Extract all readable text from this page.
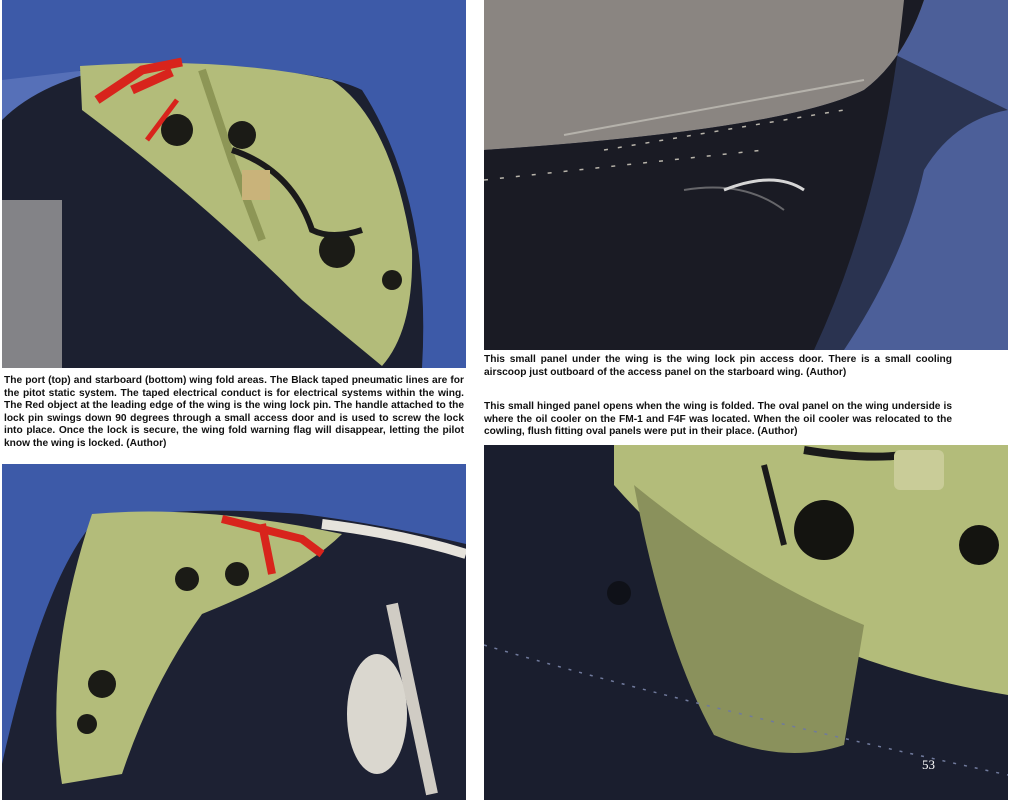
The port (top) and starboard (bottom) wing fold areas. The Black taped pneumatic lines are for the pitot static system. The taped electrical conduct is for electrical systems within the wing. The Red object at the leading edge of the wing is the wing lock pin. The handle attached to the lock pin swings down 90 degrees through a small access door and is used to screw the lock into place. Once the lock is secure, the wing fold warning flag will disappear, letting the pilot know the wing is locked. (Author)
This small panel under the wing is the wing lock pin access door. There is a small cooling airscoop just outboard of the access panel on the starboard wing. (Author)
This small hinged panel opens when the wing is folded. The oval panel on the wing underside is where the oil cooler on the FM-1 and F4F was located. When the oil cooler was relocated to the cowling, flush fitting oval panels were put in their place. (Author)
53
